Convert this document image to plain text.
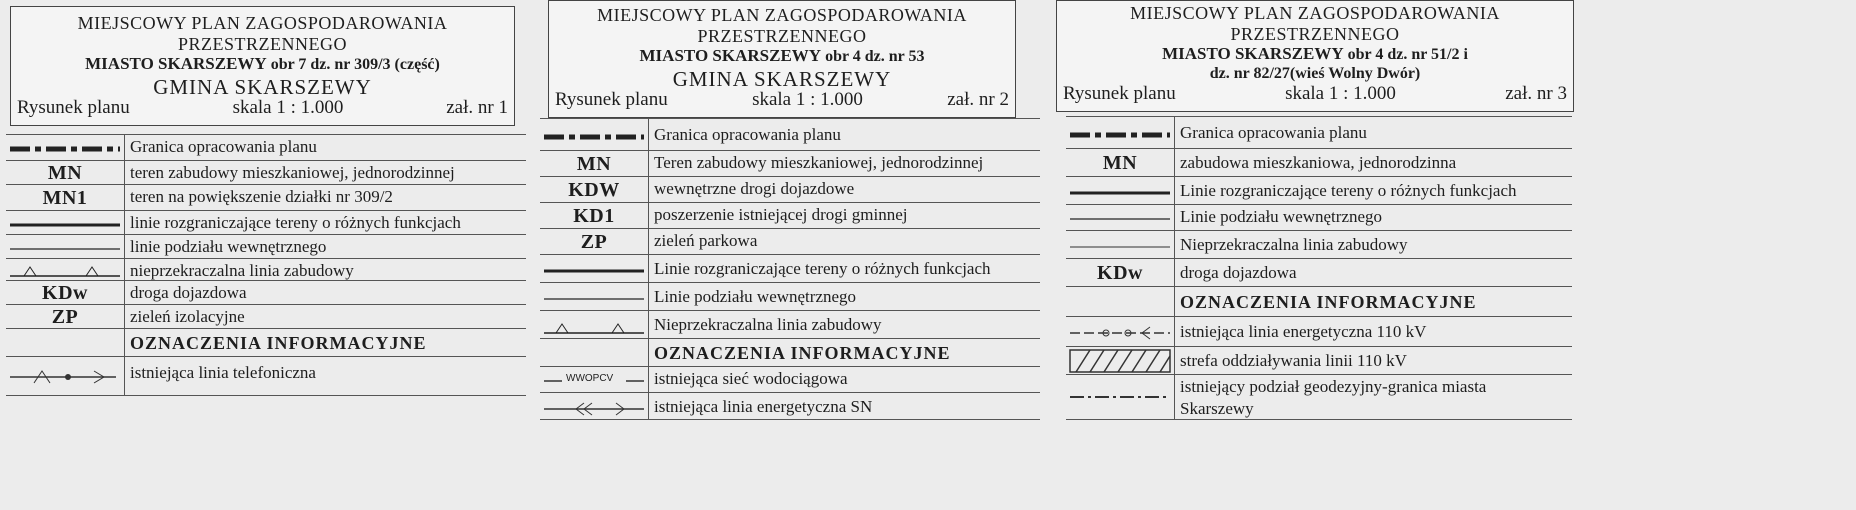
MIEJSCOWY PLAN ZAGOSPODAROWANIA
PRZESTRZENNEGO
MIASTO SKARSZEWY obr 7 dz. nr 309/3 (część)
GMINA SKARSZEWY
Rysunek planu	skala 1 : 1.000	zał. nr 1
Granica opracowania planu
MN	teren zabudowy mieszkaniowej, jednorodzinnej
MN1	teren na powiększenie działki nr 309/2
linie rozgraniczające tereny o różnych funkcjach
linie podziału wewnętrznego
nieprzekraczalna linia zabudowy
KDw	droga dojazdowa
ZP	zieleń izolacyjne
OZNACZENIA INFORMACYJNE
istniejąca linia telefoniczna
MIEJSCOWY PLAN ZAGOSPODAROWANIA
PRZESTRZENNEGO
MIASTO SKARSZEWY obr 4 dz. nr 53
GMINA SKARSZEWY
Rysunek planu	skala 1 : 1.000	zał. nr 2
Granica opracowania planu
MN	Teren zabudowy mieszkaniowej, jednorodzinnej
KDW	wewnętrzne drogi dojazdowe
KD1	poszerzenie istniejącej drogi gminnej
ZP	zieleń parkowa
Linie rozgraniczające tereny o różnych funkcjach
Linie podziału wewnętrznego
Nieprzekraczalna linia zabudowy
OZNACZENIA INFORMACYJNE
WWOPCV istniejąca sieć wodociągowa
istniejąca linia energetyczna SN
MIEJSCOWY PLAN ZAGOSPODAROWANIA
PRZESTRZENNEGO
MIASTO SKARSZEWY obr 4 dz. nr 51/2 i
dz. nr 82/27(wieś Wolny Dwór)
Rysunek planu	skala 1 : 1.000	zał. nr 3
Granica opracowania planu
MN	zabudowa mieszkaniowa, jednorodzinna
Linie rozgraniczające tereny o różnych funkcjach
Linie podziału wewnętrznego
Nieprzekraczalna linia zabudowy
KDw	droga dojazdowa
OZNACZENIA INFORMACYJNE
istniejąca linia energetyczna 110 kV
strefa oddziaływania linii 110 kV
istniejący podział geodezyjny-granica miasta
Skarszewy
